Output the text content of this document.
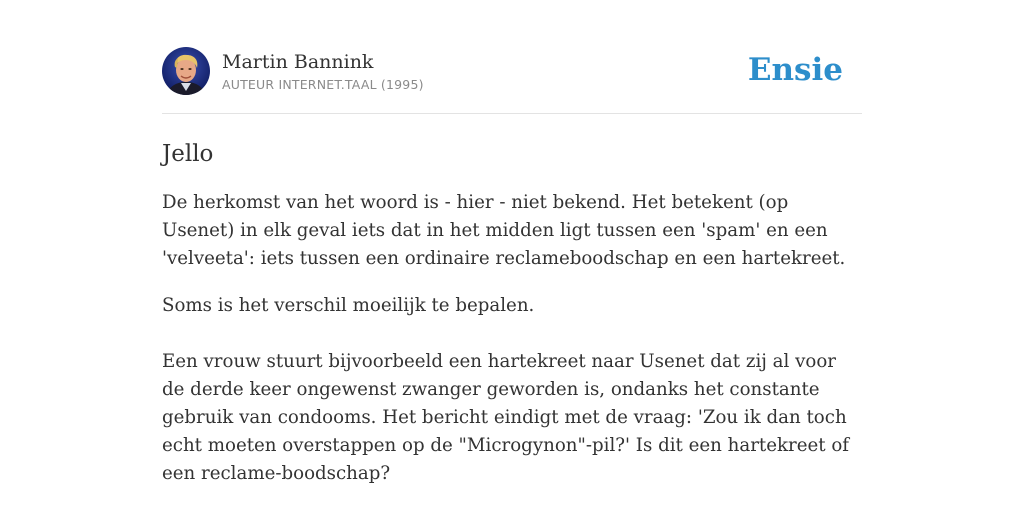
Martin Bannink
AUTEUR INTERNET.TAAL (1995)	Ensie
Jello

De herkomst van het woord is - hier - niet bekend. Het betekent (op Usenet) in elk geval iets dat in het midden ligt tussen een 'spam' en een 'velveeta': iets tussen een ordinaire reclameboodschap en een hartekreet.

Soms is het verschil moeilijk te bepalen.

Een vrouw stuurt bijvoorbeeld een hartekreet naar Usenet dat zij al voor de derde keer ongewenst zwanger geworden is, ondanks het constante gebruik van condooms. Het bericht eindigt met de vraag: 'Zou ik dan toch echt moeten overstappen op de "Microgynon"-pil?' Is dit een hartekreet of een reclame-boodschap?
